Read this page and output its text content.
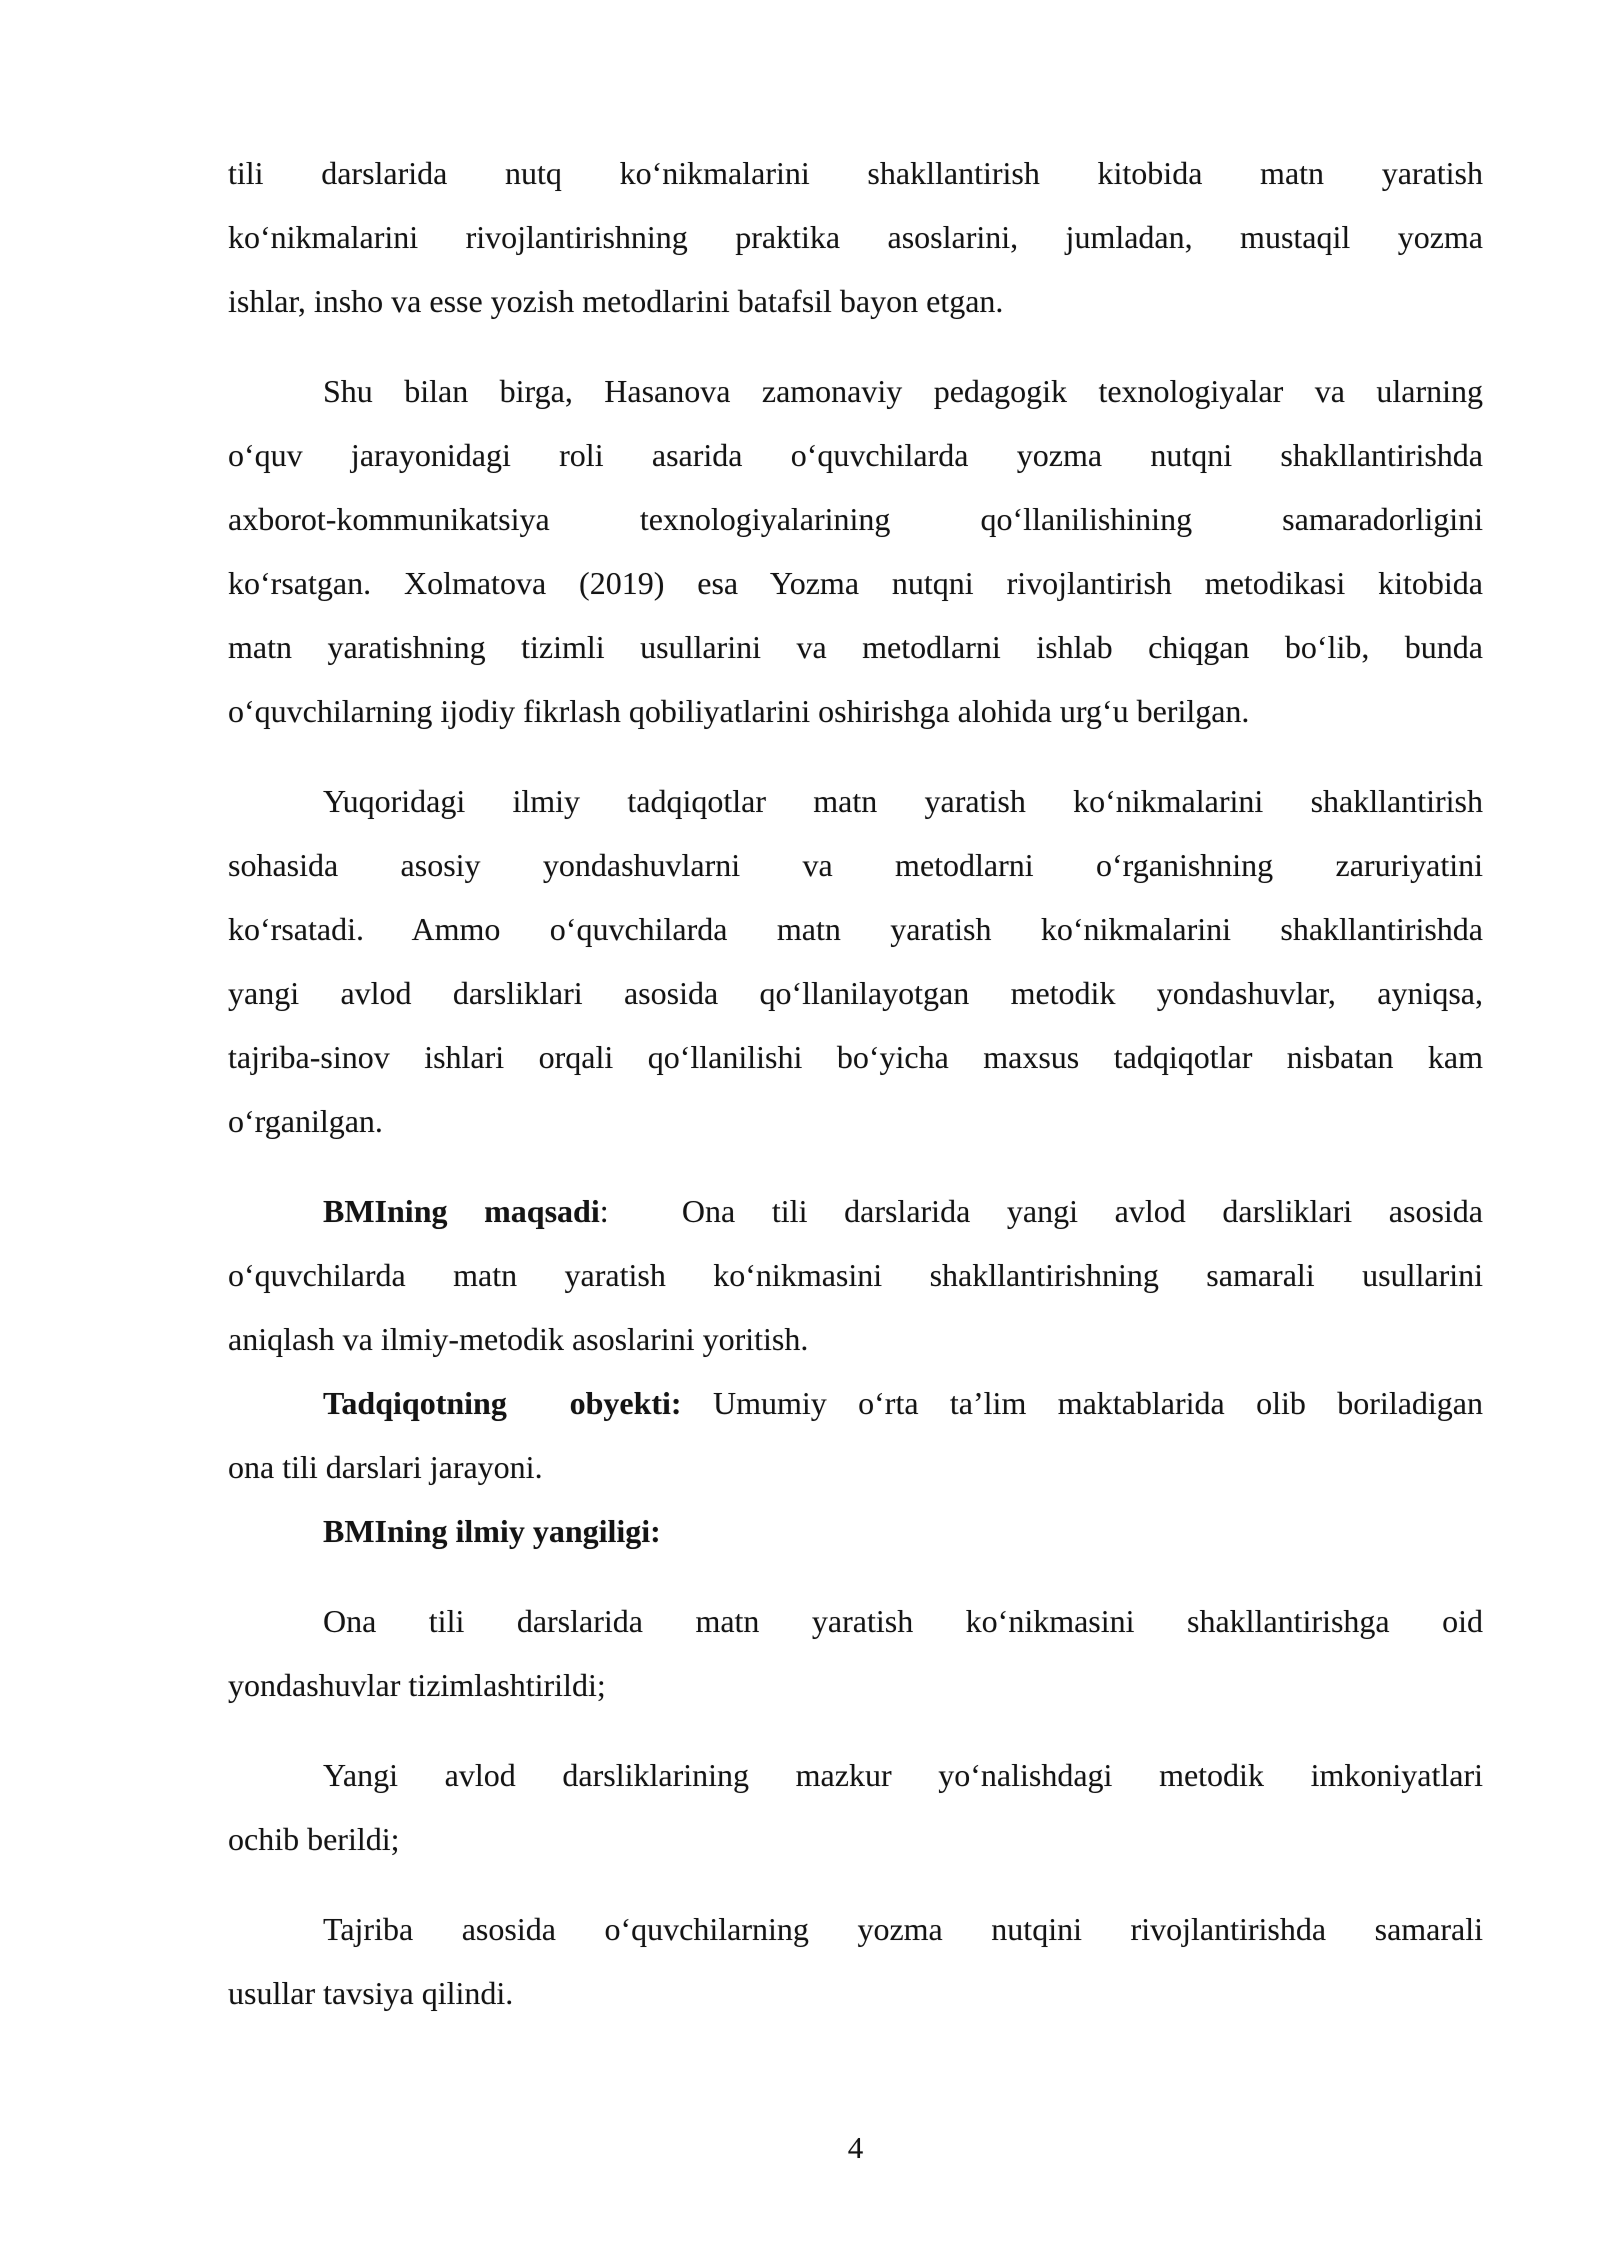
tili darslarida nutq ko‘nikmalarini shakllantirish kitobida matn yaratish
ko‘nikmalarini rivojlantirishning praktika asoslarini, jumladan, mustaqil yozma
ishlar, insho va esse yozish metodlarini batafsil bayon etgan.
Shu bilan birga, Hasanova zamonaviy pedagogik texnologiyalar va ularning
o‘quv jarayonidagi roli asarida o‘quvchilarda yozma nutqni shakllantirishda
axborot-kommunikatsiya texnologiyalarining qo‘llanilishining samaradorligini
ko‘rsatgan. Xolmatova (2019) esa Yozma nutqni rivojlantirish metodikasi kitobida
matn yaratishning tizimli usullarini va metodlarni ishlab chiqgan bo‘lib, bunda
o‘quvchilarning ijodiy fikrlash qobiliyatlarini oshirishga alohida urg‘u berilgan.
Yuqoridagi ilmiy tadqiqotlar matn yaratish ko‘nikmalarini shakllantirish
sohasida asosiy yondashuvlarni va metodlarni o‘rganishning zaruriyatini
ko‘rsatadi. Ammo o‘quvchilarda matn yaratish ko‘nikmalarini shakllantirishda
yangi avlod darsliklari asosida qo‘llanilayotgan metodik yondashuvlar, ayniqsa,
tajriba-sinov ishlari orqali qo‘llanilishi bo‘yicha maxsus tadqiqotlar nisbatan kam
o‘rganilgan.
BMIning maqsadi:  Ona tili darslarida yangi avlod darsliklari asosida
o‘quvchilarda matn yaratish ko‘nikmasini shakllantirishning samarali usullarini
aniqlash va ilmiy-metodik asoslarini yoritish.
Tadqiqotning  obyekti: Umumiy o‘rta ta’lim maktablarida olib boriladigan
ona tili darslari jarayoni.
BMIning ilmiy yangiligi:
Ona tili darslarida matn yaratish ko‘nikmasini shakllantirishga oid
yondashuvlar tizimlashtirildi;
Yangi avlod darsliklarining mazkur yo‘nalishdagi metodik imkoniyatlari
ochib berildi;
Tajriba asosida o‘quvchilarning yozma nutqini rivojlantirishda samarali
usullar tavsiya qilindi.
4
